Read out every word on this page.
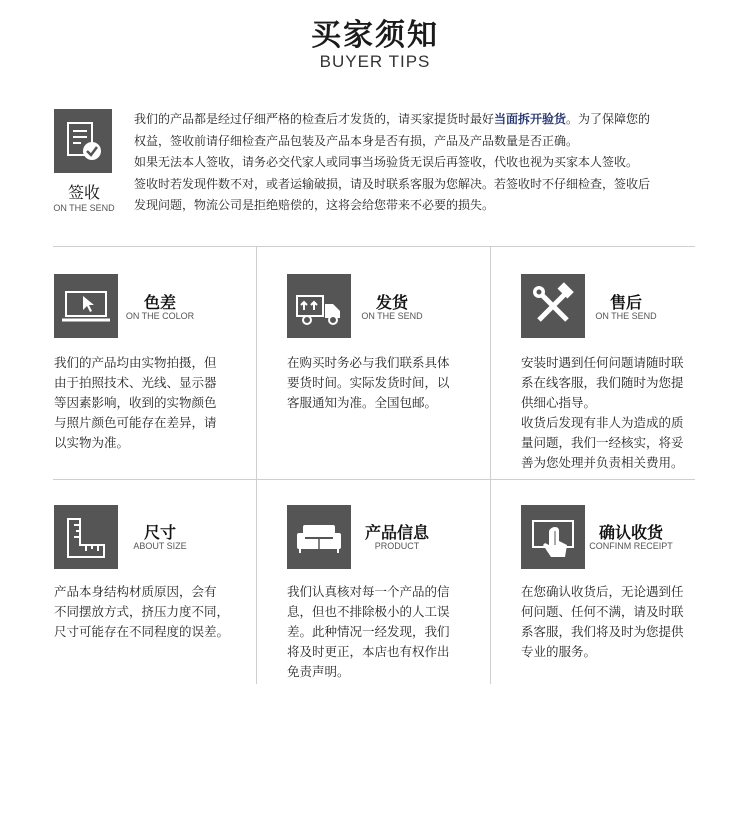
买家须知
BUYER TIPS
签收
ON THE SEND
我们的产品都是经过仔细严格的检查后才发货的，请买家提货时最好当面拆开验货。为了保障您的
权益，签收前请仔细检查产品包装及产品本身是否有损，产品及产品数量是否正确。
如果无法本人签收，请务必交代家人或同事当场验货无误后再签收，代收也视为买家本人签收。
签收时若发现件数不对，或者运输破损，请及时联系客服为您解决。若签收时不仔细检查，签收后
发现问题，物流公司是拒绝赔偿的，这将会给您带来不必要的损失。
色差
ON THE COLOR
我们的产品均由实物拍摄，但
由于拍照技术、光线、显示器
等因素影响，收到的实物颜色
与照片颜色可能存在差异，请
以实物为准。
发货
ON THE SEND
在购买时务必与我们联系具体
要货时间。实际发货时间，以
客服通知为准。全国包邮。
售后
ON THE SEND
安装时遇到任何问题请随时联
系在线客服，我们随时为您提
供细心指导。
收货后发现有非人为造成的质
量问题，我们一经核实，将妥
善为您处理并负责相关费用。
尺寸
ABOUT SIZE
产品本身结构材质原因，会有
不同摆放方式，挤压力度不同，
尺寸可能存在不同程度的误差。
产品信息
PRODUCT
我们认真核对每一个产品的信
息，但也不排除极小的人工误
差。此种情况一经发现，我们
将及时更正，本店也有权作出
免责声明。
确认收货
CONFINM RECEIPT
在您确认收货后，无论遇到任
何问题、任何不满，请及时联
系客服，我们将及时为您提供
专业的服务。
